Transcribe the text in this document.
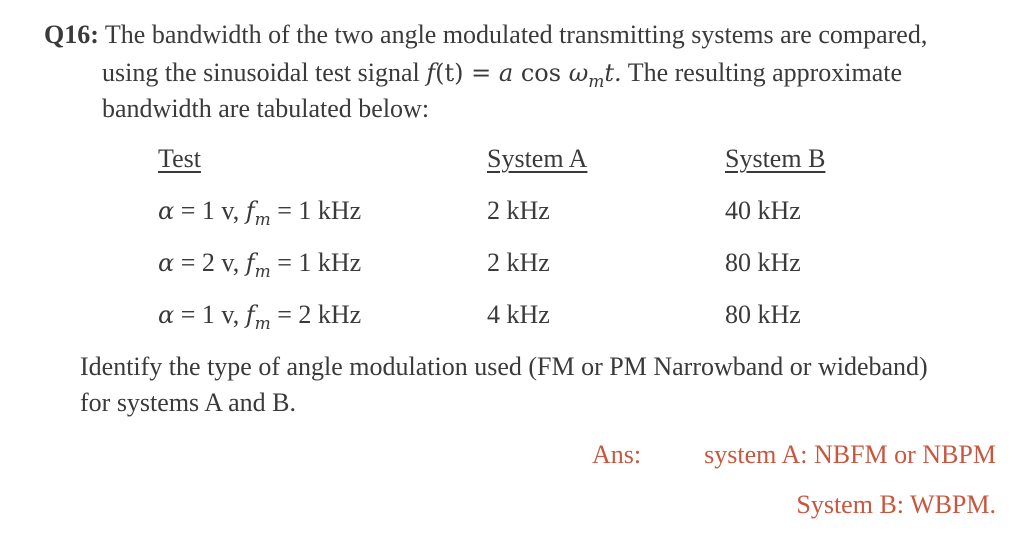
Q16: The bandwidth of the two angle modulated transmitting systems are compared,
using the sinusoidal test signal f(t) = a $\cos \omega_mt$. The resulting approximate
bandwidth are tabulated below:
Test	System A	System B
α = 1 v, $f_m = 1$ kHz	2 kHz	40 kHz
α = 2 v, $f_m = 1$ kHz	2 kHz	80 kHz
α = 1 v, $f_m = 2$ kHz	4 kHz	80 kHz
Identify the type of angle modulation used (FM or PM Narrowband or wideband)
for systems A and B.
Ans: system A: NBFM or NBPM
System B: WBPM.
